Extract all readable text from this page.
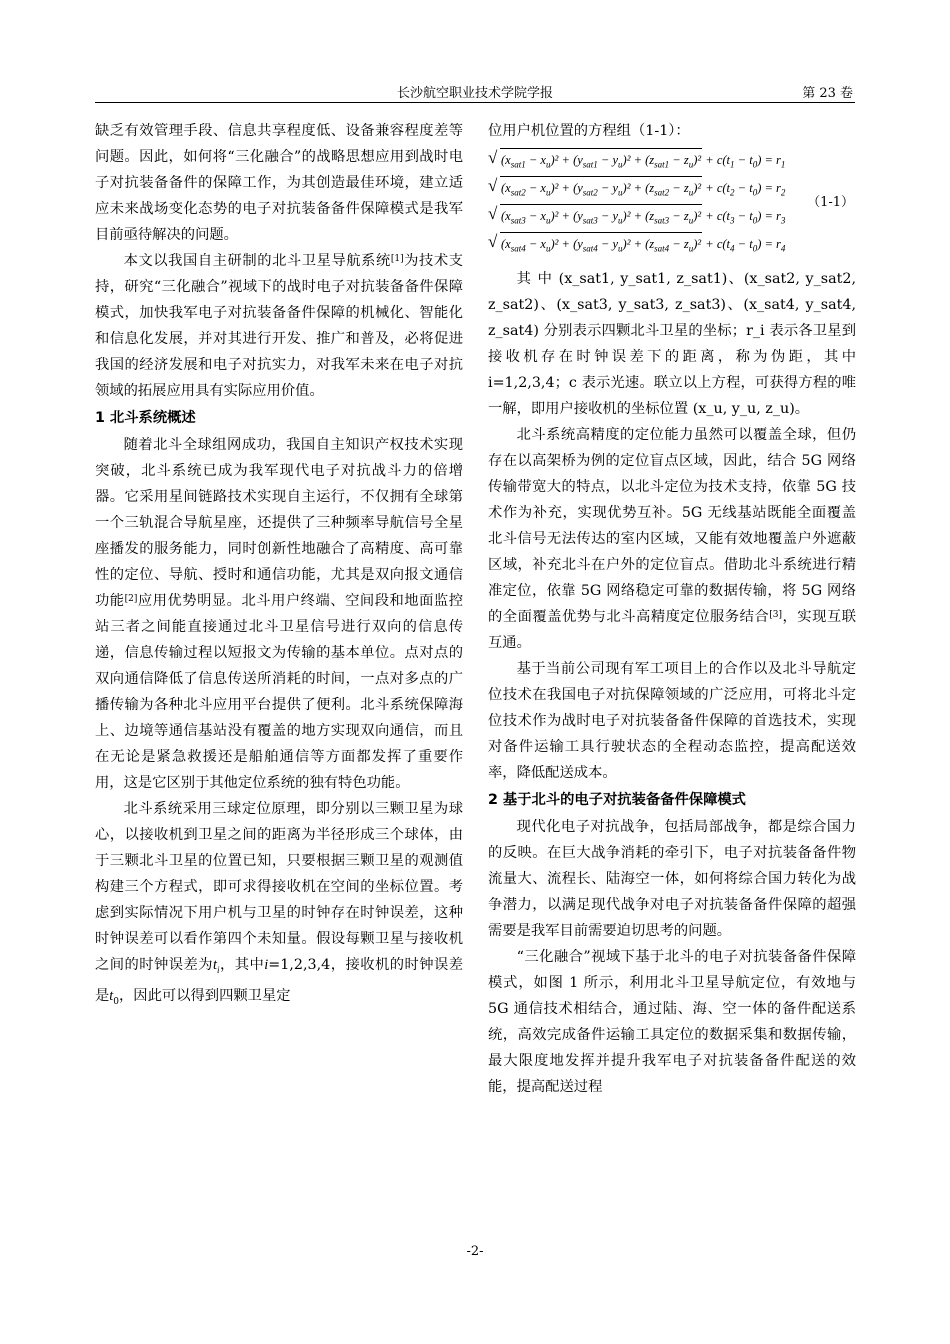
长沙航空职业技术学院学报	第 23 卷

缺乏有效管理手段、信息共享程度低、设备兼容程度差等问题。因此，如何将“三化融合”的战略思想应用到战时电子对抗装备备件的保障工作，为其创造最佳环境，建立适应未来战场变化态势的电子对抗装备备件保障模式是我军目前亟待解决的问题。

本文以我国自主研制的北斗卫星导航系统[1]为技术支持，研究“三化融合”视域下的战时电子对抗装备备件保障模式，加快我军电子对抗装备备件保障的机械化、智能化和信息化发展，并对其进行开发、推广和普及，必将促进我国的经济发展和电子对抗实力，对我军未来在电子对抗领域的拓展应用具有实际应用价值。

1 北斗系统概述

随着北斗全球组网成功，我国自主知识产权技术实现突破，北斗系统已成为我军现代电子对抗战斗力的倍增器。它采用星间链路技术实现自主运行，不仅拥有全球第一个三轨混合导航星座，还提供了三种频率导航信号全星座播发的服务能力，同时创新性地融合了高精度、高可靠性的定位、导航、授时和通信功能，尤其是双向报文通信功能[2]应用优势明显。北斗用户终端、空间段和地面监控站三者之间能直接通过北斗卫星信号进行双向的信息传递，信息传输过程以短报文为传输的基本单位。点对点的双向通信降低了信息传送所消耗的时间，一点对多点的广播传输为各种北斗应用平台提供了便利。北斗系统保障海上、边境等通信基站没有覆盖的地方实现双向通信，而且在无论是紧急救援还是船舶通信等方面都发挥了重要作用，这是它区别于其他定位系统的独有特色功能。

北斗系统采用三球定位原理，即分别以三颗卫星为球心，以接收机到卫星之间的距离为半径形成三个球体，由于三颗北斗卫星的位置已知，只要根据三颗卫星的观测值构建三个方程式，即可求得接收机在空间的坐标位置。考虑到实际情况下用户机与卫星的时钟存在时钟误差，这种时钟误差可以看作第四个未知量。假设每颗卫星与接收机之间的时钟误差为$t_i$，其中i=1,2,3,4，接收机的时钟误差是$t_0$，因此可以得到四颗卫星定

位用户机位置的方程组（1-1）：

√ $(x_{sat1} - x_u)^2 + (y_{sat1} - y_u)^2 + (z_{sat1} - z_u)^2 + c(t_1 - t_0) = r_1$
√ $(x_{sat2} - x_u)^2 + (y_{sat2} - y_u)^2 + (z_{sat2} - z_u)^2 + c(t_2 - t_0) = r_2$
√ $(x_{sat3} - x_u)^2 + (y_{sat3} - y_u)^2 + (z_{sat3} - z_u)^2 + c(t_3 - t_0) = r_3$
√ $(x_{sat4} - x_u)^2 + (y_{sat4} - y_u)^2 + (z_{sat4} - z_u)^2 + c(t_4 - t_0) = r_4$
（1-1）

其 中 (x_sat1, y_sat1, z_sat1)、(x_sat2, y_sat2, z_sat2)、(x_sat3, y_sat3, z_sat3)、(x_sat4, y_sat4, z_sat4) 分别表示四颗北斗卫星的坐标；r_i 表示各卫星到接收机存在时钟误差下的距离，称为伪距，其中 i=1,2,3,4；c 表示光速。联立以上方程，可获得方程的唯一解，即用户接收机的坐标位置 (x_u, y_u, z_u)。

北斗系统高精度的定位能力虽然可以覆盖全球，但仍存在以高架桥为例的定位盲点区域，因此，结合 5G 网络传输带宽大的特点，以北斗定位为技术支持，依靠 5G 技术作为补充，实现优势互补。5G 无线基站既能全面覆盖北斗信号无法传达的室内区域，又能有效地覆盖户外遮蔽区域，补充北斗在户外的定位盲点。借助北斗系统进行精准定位，依靠 5G 网络稳定可靠的数据传输，将 5G 网络的全面覆盖优势与北斗高精度定位服务结合[3]，实现互联互通。

基于当前公司现有军工项目上的合作以及北斗导航定位技术在我国电子对抗保障领域的广泛应用，可将北斗定位技术作为战时电子对抗装备备件保障的首选技术，实现对备件运输工具行驶状态的全程动态监控，提高配送效率，降低配送成本。

2 基于北斗的电子对抗装备备件保障模式

现代化电子对抗战争，包括局部战争，都是综合国力的反映。在巨大战争消耗的牵引下，电子对抗装备备件物流量大、流程长、陆海空一体，如何将综合国力转化为战争潜力，以满足现代战争对电子对抗装备备件保障的超强需要是我军目前需要迫切思考的问题。

“三化融合”视域下基于北斗的电子对抗装备备件保障模式，如图 1 所示，利用北斗卫星导航定位，有效地与 5G 通信技术相结合，通过陆、海、空一体的备件配送系统，高效完成备件运输工具定位的数据采集和数据传输，最大限度地发挥并提升我军电子对抗装备备件配送的效能，提高配送过程

-2-
